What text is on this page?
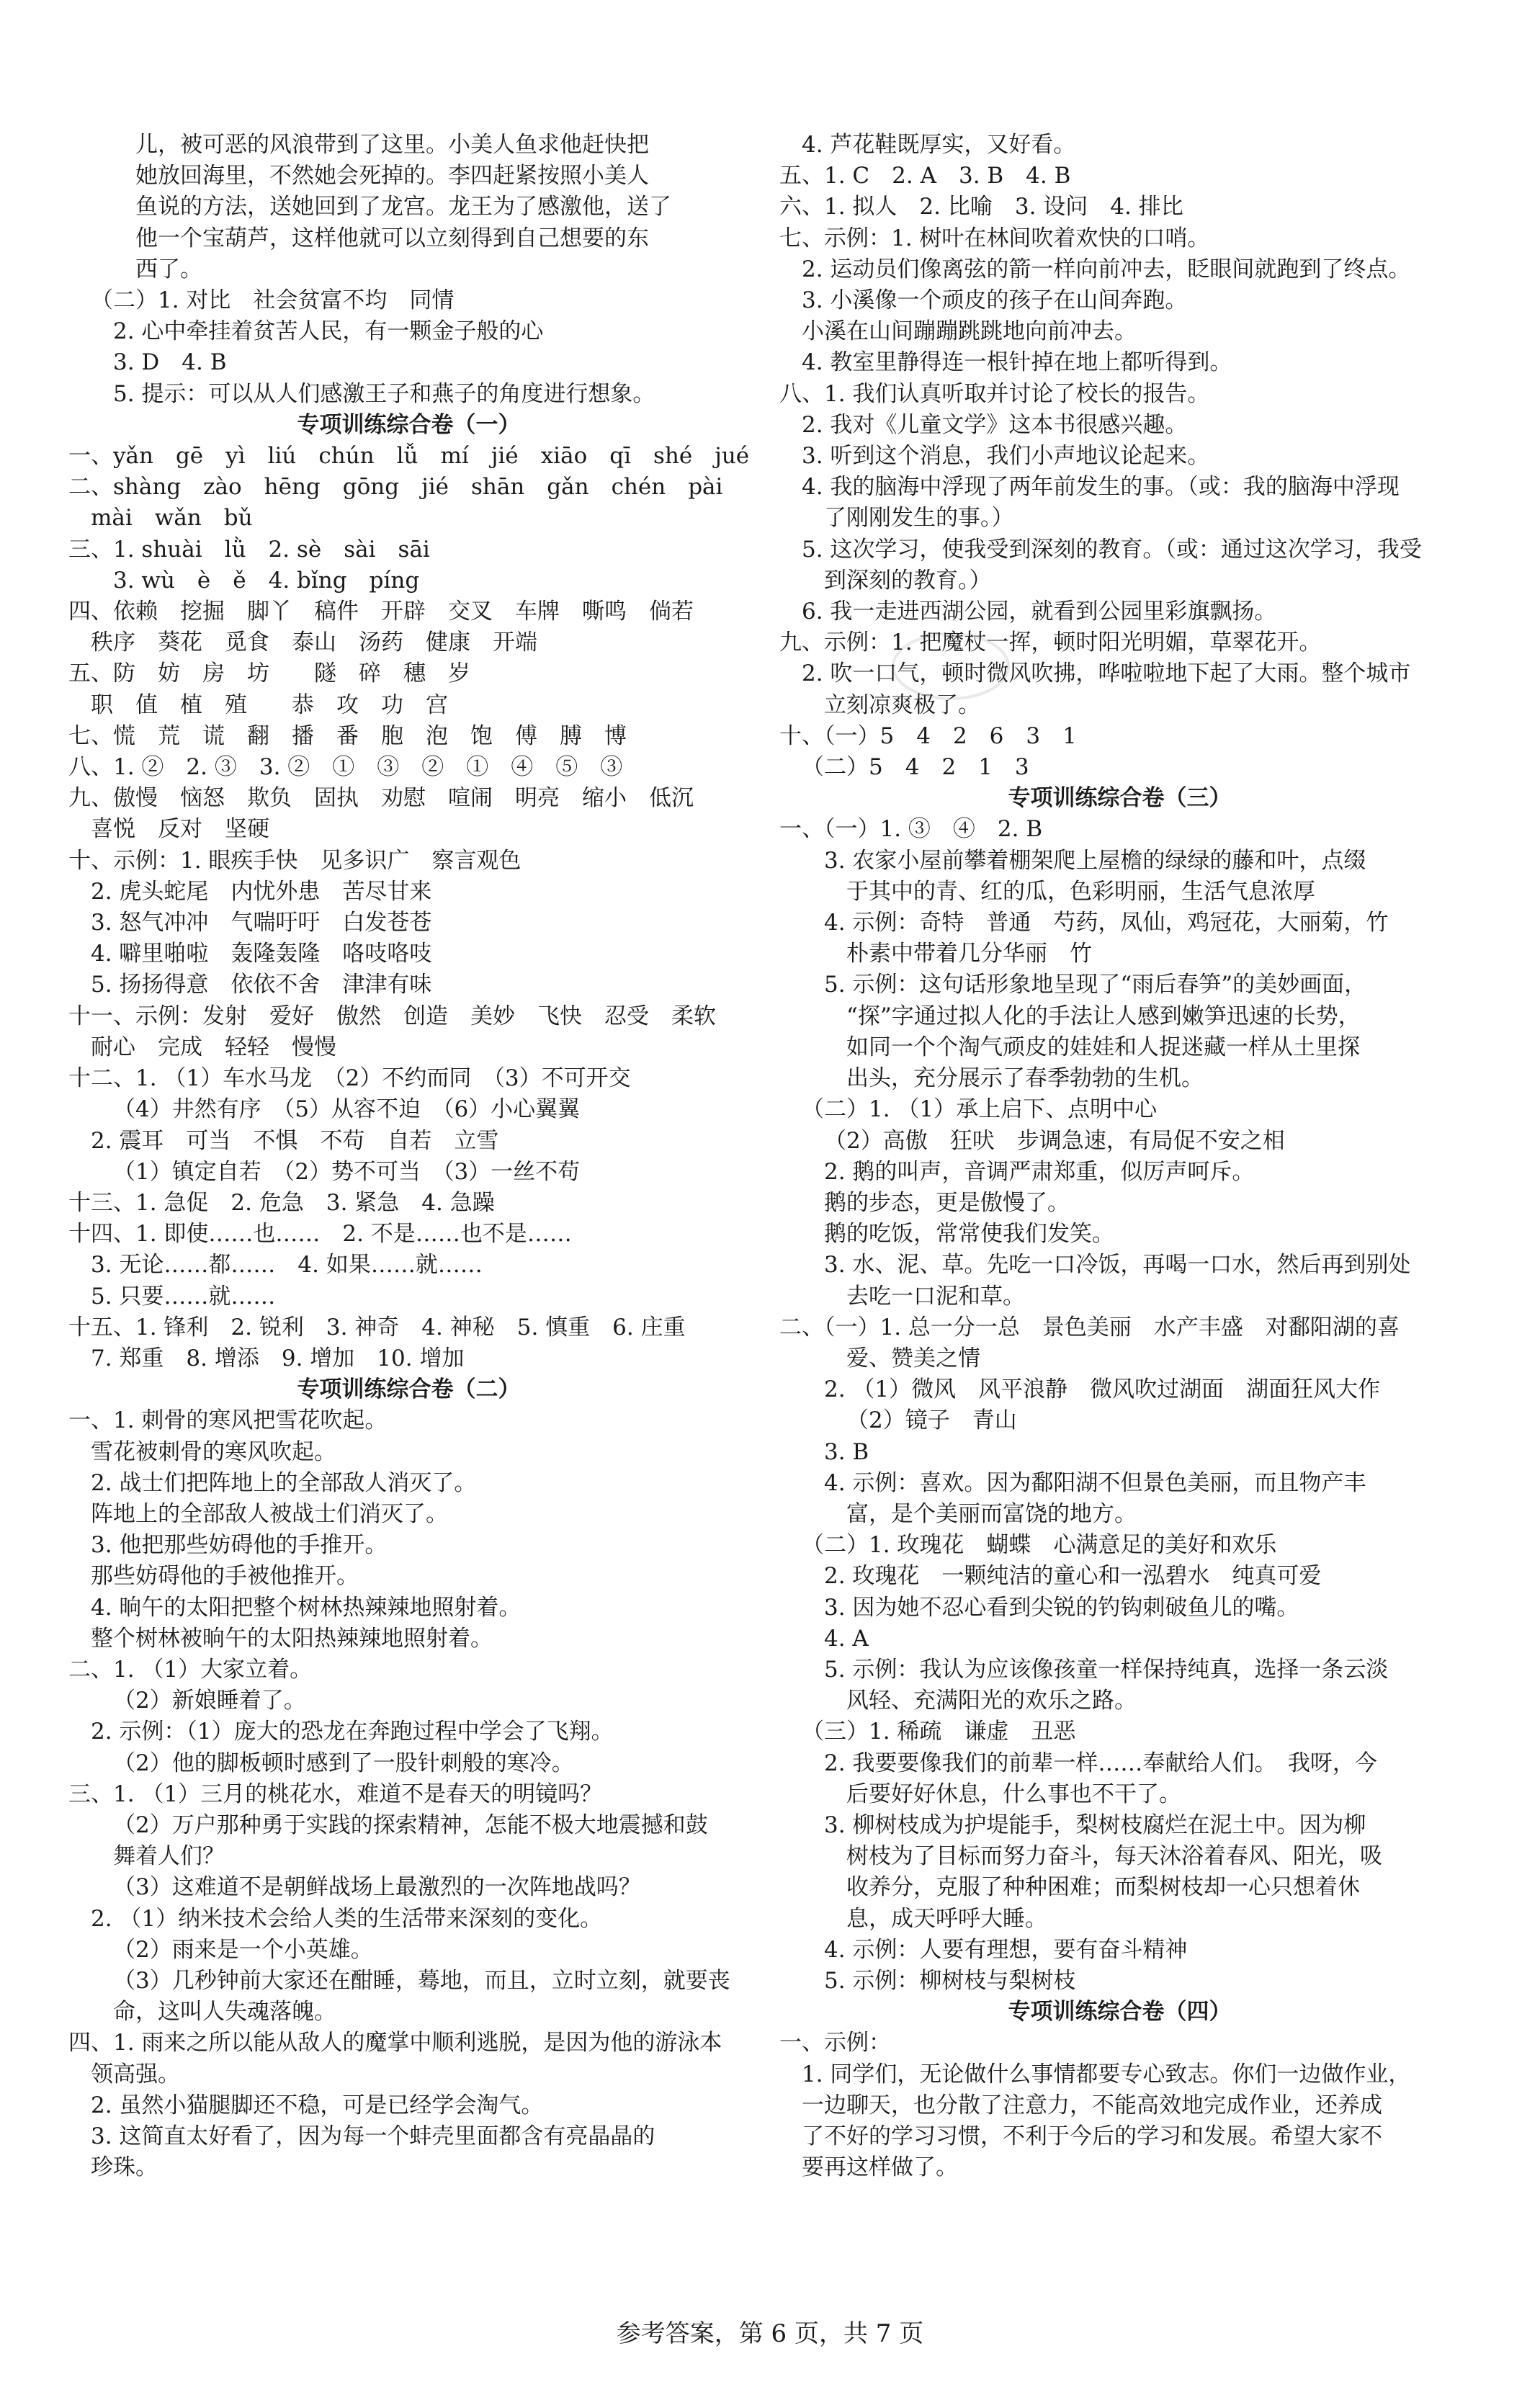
儿，被可恶的风浪带到了这里。小美人鱼求他赶快把
她放回海里，不然她会死掉的。李四赶紧按照小美人
鱼说的方法，送她回到了龙宫。龙王为了感激他，送了
他一个宝葫芦，这样他就可以立刻得到自己想要的东
西了。
（二）1. 对比　社会贫富不均　同情
2. 心中牵挂着贫苦人民，有一颗金子般的心
3. D　4. B
5. 提示：可以从人们感激王子和燕子的角度进行想象。
专项训练综合卷（一）
一、yǎn　gē　yì　liú　chún　lǚ　mí　jié　xiāo　qī　shé　jué
二、shàng　zào　hēng　gōng　jié　shān　gǎn　chén　pài
mài　wǎn　bǔ
三、1. shuài　lǜ　2. sè　sài　sāi
3. wù　è　ě　4. bǐng　píng
四、依赖　挖掘　脚丫　稿件　开辟　交叉　车牌　嘶鸣　倘若
秩序　葵花　觅食　泰山　汤药　健康　开端
五、防　妨　房　坊　　隧　碎　穗　岁
职　值　植　殖　　恭　攻　功　宫
七、慌　荒　谎　翻　播　番　胞　泡　饱　傅　膊　博
八、1. ②　2. ③　3. ②　①　③　②　①　④　⑤　③
九、傲慢　恼怒　欺负　固执　劝慰　喧闹　明亮　缩小　低沉
喜悦　反对　坚硬
十、示例：1. 眼疾手快　见多识广　察言观色
2. 虎头蛇尾　内忧外患　苦尽甘来
3. 怒气冲冲　气喘吁吁　白发苍苍
4. 噼里啪啦　轰隆轰隆　咯吱咯吱
5. 扬扬得意　依依不舍　津津有味
十一、示例：发射　爱好　傲然　创造　美妙　飞快　忍受　柔软
耐心　完成　轻轻　慢慢
十二、1. （1）车水马龙　（2）不约而同　（3）不可开交
（4）井然有序　（5）从容不迫　（6）小心翼翼
2. 震耳　可当　不惧　不苟　自若　立雪
（1）镇定自若　（2）势不可当　（3）一丝不苟
十三、1. 急促　2. 危急　3. 紧急　4. 急躁
十四、1. 即使……也……　2. 不是……也不是……
3. 无论……都……　4. 如果……就……
5. 只要……就……
十五、1. 锋利　2. 锐利　3. 神奇　4. 神秘　5. 慎重　6. 庄重
7. 郑重　8. 增添　9. 增加　10. 增加
专项训练综合卷（二）
一、1. 刺骨的寒风把雪花吹起。
雪花被刺骨的寒风吹起。
2. 战士们把阵地上的全部敌人消灭了。
阵地上的全部敌人被战士们消灭了。
3. 他把那些妨碍他的手推开。
那些妨碍他的手被他推开。
4. 晌午的太阳把整个树林热辣辣地照射着。
整个树林被晌午的太阳热辣辣地照射着。
二、1. （1）大家立着。
（2）新娘睡着了。
2. 示例：（1）庞大的恐龙在奔跑过程中学会了飞翔。
（2）他的脚板顿时感到了一股针刺般的寒冷。
三、1. （1）三月的桃花水，难道不是春天的明镜吗？
（2）万户那种勇于实践的探索精神，怎能不极大地震撼和鼓
舞着人们？
（3）这难道不是朝鲜战场上最激烈的一次阵地战吗？
2. （1）纳米技术会给人类的生活带来深刻的变化。
（2）雨来是一个小英雄。
（3）几秒钟前大家还在酣睡，蓦地，而且，立时立刻，就要丧
命，这叫人失魂落魄。
四、1. 雨来之所以能从敌人的魔掌中顺利逃脱，是因为他的游泳本
领高强。
2. 虽然小猫腿脚还不稳，可是已经学会淘气。
3. 这简直太好看了，因为每一个蚌壳里面都含有亮晶晶的
珍珠。
4. 芦花鞋既厚实，又好看。
五、1. C　2. A　3. B　4. B
六、1. 拟人　2. 比喻　3. 设问　4. 排比
七、示例：1. 树叶在林间吹着欢快的口哨。
2. 运动员们像离弦的箭一样向前冲去，眨眼间就跑到了终点。
3. 小溪像一个顽皮的孩子在山间奔跑。
小溪在山间蹦蹦跳跳地向前冲去。
4. 教室里静得连一根针掉在地上都听得到。
八、1. 我们认真听取并讨论了校长的报告。
2. 我对《儿童文学》这本书很感兴趣。
3. 听到这个消息，我们小声地议论起来。
4. 我的脑海中浮现了两年前发生的事。（或：我的脑海中浮现
了刚刚发生的事。）
5. 这次学习，使我受到深刻的教育。（或：通过这次学习，我受
到深刻的教育。）
6. 我一走进西湖公园，就看到公园里彩旗飘扬。
九、示例：1. 把魔杖一挥，顿时阳光明媚，草翠花开。
2. 吹一口气，顿时微风吹拂，哗啦啦地下起了大雨。整个城市
立刻凉爽极了。
十、（一）5　4　2　6　3　1
（二）5　4　2　1　3
专项训练综合卷（三）
一、（一）1. ③　④　2. B
3. 农家小屋前攀着棚架爬上屋檐的绿绿的藤和叶，点缀
于其中的青、红的瓜，色彩明丽，生活气息浓厚
4. 示例：奇特　普通　芍药，凤仙，鸡冠花，大丽菊，竹
朴素中带着几分华丽　竹
5. 示例：这句话形象地呈现了“雨后春笋”的美妙画面，
“探”字通过拟人化的手法让人感到嫩笋迅速的长势，
如同一个个淘气顽皮的娃娃和人捉迷藏一样从土里探
出头，充分展示了春季勃勃的生机。
（二）1. （1）承上启下、点明中心
（2）高傲　狂吠　步调急速，有局促不安之相
2. 鹅的叫声，音调严肃郑重，似厉声呵斥。
鹅的步态，更是傲慢了。
鹅的吃饭，常常使我们发笑。
3. 水、泥、草。先吃一口冷饭，再喝一口水，然后再到别处
去吃一口泥和草。
二、（一）1. 总一分一总　景色美丽　水产丰盛　对鄱阳湖的喜
爱、赞美之情
2. （1）微风　风平浪静　微风吹过湖面　湖面狂风大作
（2）镜子　青山
3. B
4. 示例：喜欢。因为鄱阳湖不但景色美丽，而且物产丰
富，是个美丽而富饶的地方。
（二）1. 玫瑰花　蝴蝶　心满意足的美好和欢乐
2. 玫瑰花　一颗纯洁的童心和一泓碧水　纯真可爱
3. 因为她不忍心看到尖锐的钓钩刺破鱼儿的嘴。
4. A
5. 示例：我认为应该像孩童一样保持纯真，选择一条云淡
风轻、充满阳光的欢乐之路。
（三）1. 稀疏　谦虚　丑恶
2. 我要要像我们的前辈一样……奉献给人们。　我呀，今
后要好好休息，什么事也不干了。
3. 柳树枝成为护堤能手，梨树枝腐烂在泥土中。因为柳
树枝为了目标而努力奋斗，每天沐浴着春风、阳光，吸
收养分，克服了种种困难；而梨树枝却一心只想着休
息，成天呼呼大睡。
4. 示例：人要有理想，要有奋斗精神
5. 示例：柳树枝与梨树枝
专项训练综合卷（四）
一、示例：
1. 同学们，无论做什么事情都要专心致志。你们一边做作业，
一边聊天，也分散了注意力，不能高效地完成作业，还养成
了不好的学习习惯，不利于今后的学习和发展。希望大家不
要再这样做了。
参考答案，第 6 页，共 7 页
